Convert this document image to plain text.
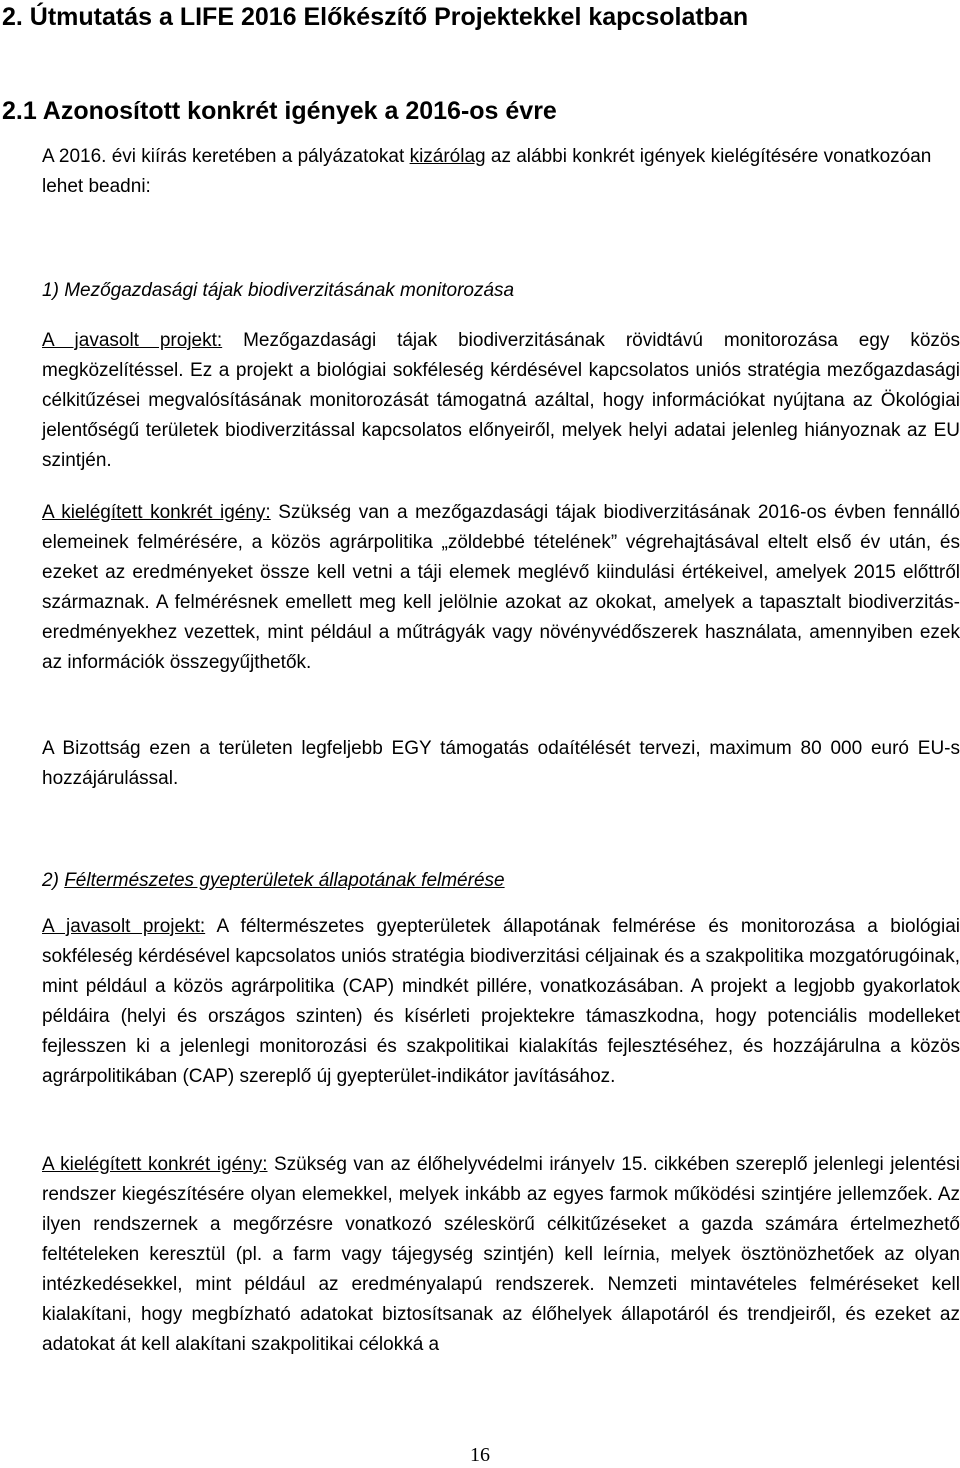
2. Útmutatás a LIFE 2016 Előkészítő Projektekkel kapcsolatban
2.1 Azonosított konkrét igények a 2016-os évre
A 2016. évi kiírás keretében a pályázatokat kizárólag az alábbi konkrét igények kielégítésére vonatkozóan lehet beadni:
1) Mezőgazdasági tájak biodiverzitásának monitorozása
A javasolt projekt: Mezőgazdasági tájak biodiverzitásának rövidtávú monitorozása egy közös megközelítéssel. Ez a projekt a biológiai sokféleség kérdésével kapcsolatos uniós stratégia mezőgazdasági célkitűzései megvalósításának monitorozását támogatná azáltal, hogy információkat nyújtana az Ökológiai jelentőségű területek biodiverzitással kapcsolatos előnyeiről, melyek helyi adatai jelenleg hiányoznak az EU szintjén.
A kielégített konkrét igény: Szükség van a mezőgazdasági tájak biodiverzitásának 2016-os évben fennálló elemeinek felmérésére, a közös agrárpolitika „zöldebbé tételének” végrehajtásával eltelt első év után, és ezeket az eredményeket össze kell vetni a táji elemek meglévő kiindulási értékeivel, amelyek 2015 előttről származnak. A felmérésnek emellett meg kell jelölnie azokat az okokat, amelyek a tapasztalt biodiverzitás-eredményekhez vezettek, mint például a műtrágyák vagy növényvédőszerek használata, amennyiben ezek az információk összegyűjthetők.
A Bizottság ezen a területen legfeljebb EGY támogatás odaítélését tervezi, maximum 80 000 euró EU-s hozzájárulással.
2) Féltermészetes gyepterületek állapotának felmérése
A javasolt projekt: A féltermészetes gyepterületek állapotának felmérése és monitorozása a biológiai sokféleség kérdésével kapcsolatos uniós stratégia biodiverzitási céljainak és a szakpolitika mozgatórugóinak, mint például a közös agrárpolitika (CAP) mindkét pillére, vonatkozásában. A projekt a legjobb gyakorlatok példáira (helyi és országos szinten) és kísérleti projektekre támaszkodna, hogy potenciális modelleket fejlesszen ki a jelenlegi monitorozási és szakpolitikai kialakítás fejlesztéséhez, és hozzájárulna a közös agrárpolitikában (CAP) szereplő új gyepterület-indikátor javításához.
A kielégített konkrét igény: Szükség van az élőhelyvédelmi irányelv 15. cikkében szereplő jelenlegi jelentési rendszer kiegészítésére olyan elemekkel, melyek inkább az egyes farmok működési szintjére jellemzőek. Az ilyen rendszernek a megőrzésre vonatkozó széleskörű célkitűzéseket a gazda számára értelmezhető feltételeken keresztül (pl. a farm vagy tájegység szintjén) kell leírnia, melyek ösztönözhetőek az olyan intézkedésekkel, mint például az eredményalapú rendszerek. Nemzeti mintavételes felméréseket kell kialakítani, hogy megbízható adatokat biztosítsanak az élőhelyek állapotáról és trendjeiről, és ezeket az adatokat át kell alakítani szakpolitikai célokká a
16
